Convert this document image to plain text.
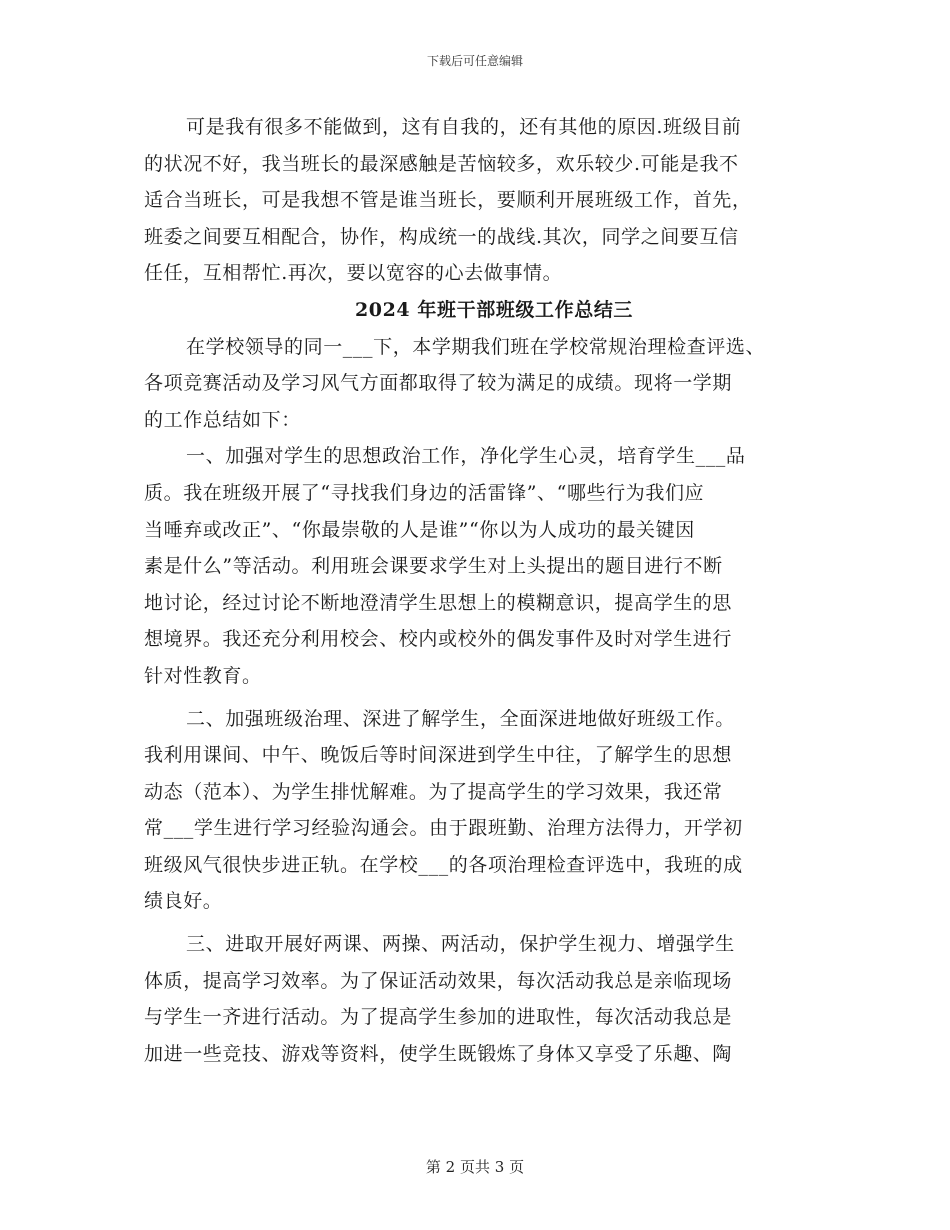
下载后可任意编辑
可是我有很多不能做到，这有自我的，还有其他的原因.班级目前
的状况不好，我当班长的最深感触是苦恼较多，欢乐较少.可能是我不
适合当班长，可是我想不管是谁当班长，要顺利开展班级工作，首先，
班委之间要互相配合，协作，构成统一的战线.其次，同学之间要互信
任任，互相帮忙.再次，要以宽容的心去做事情。
2024 年班干部班级工作总结三
在学校领导的同一___下，本学期我们班在学校常规治理检查评选、
各项竞赛活动及学习风气方面都取得了较为满足的成绩。现将一学期
的工作总结如下：
一、加强对学生的思想政治工作，净化学生心灵，培育学生___品
质。我在班级开展了“寻找我们身边的活雷锋”、“哪些行为我们应
当唾弃或改正”、“你最崇敬的人是谁”“你以为人成功的最关键因
素是什么”等活动。利用班会课要求学生对上头提出的题目进行不断
地讨论，经过讨论不断地澄清学生思想上的模糊意识，提高学生的思
想境界。我还充分利用校会、校内或校外的偶发事件及时对学生进行
针对性教育。
二、加强班级治理、深进了解学生，全面深进地做好班级工作。
我利用课间、中午、晚饭后等时间深进到学生中往，了解学生的思想
动态（范本）、为学生排忧解难。为了提高学生的学习效果，我还常
常___学生进行学习经验沟通会。由于跟班勤、治理方法得力，开学初
班级风气很快步进正轨。在学校___的各项治理检查评选中，我班的成
绩良好。
三、进取开展好两课、两操、两活动，保护学生视力、增强学生
体质，提高学习效率。为了保证活动效果，每次活动我总是亲临现场
与学生一齐进行活动。为了提高学生参加的进取性，每次活动我总是
加进一些竞技、游戏等资料，使学生既锻炼了身体又享受了乐趣、陶
第 2 页共 3 页
